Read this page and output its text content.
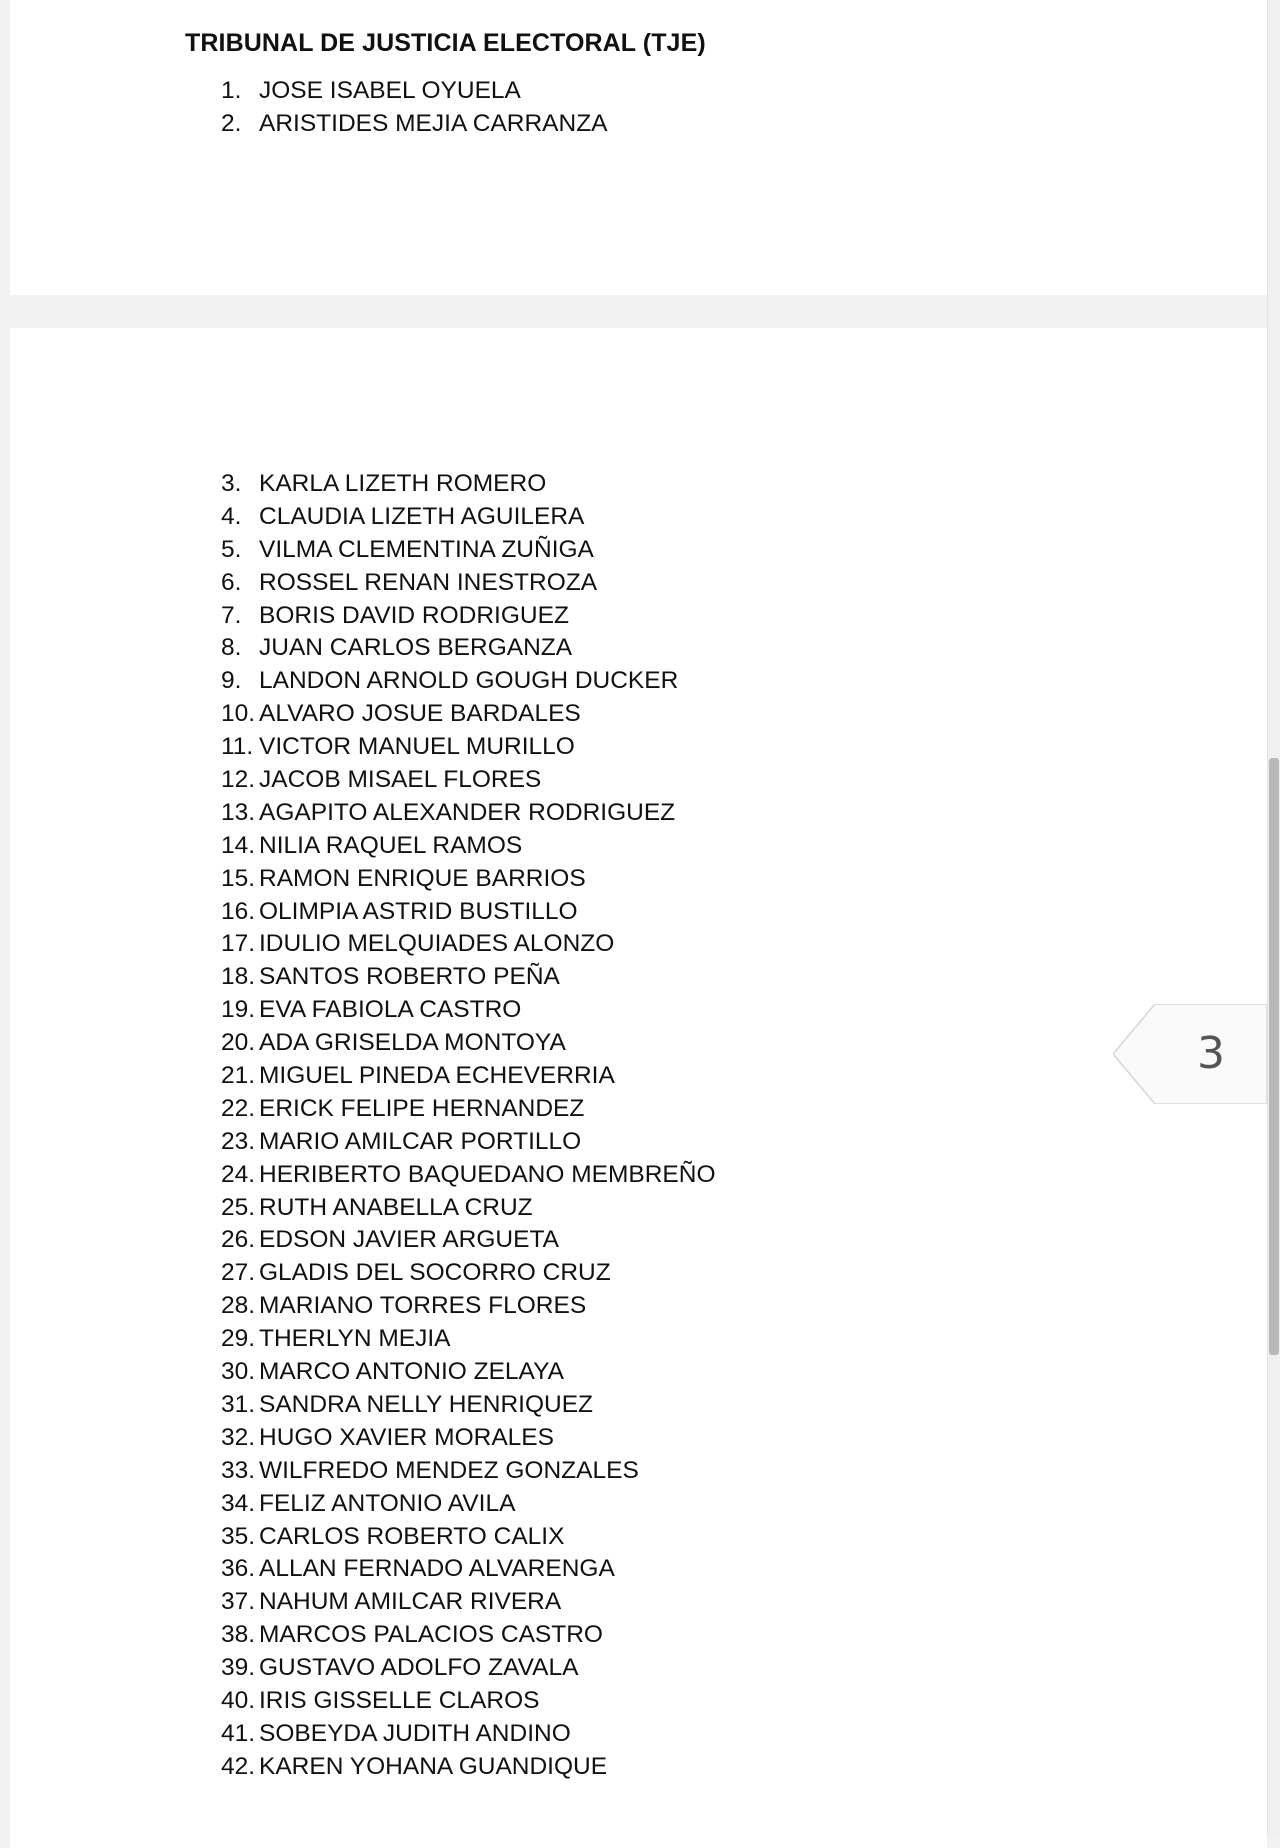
TRIBUNAL DE JUSTICIA ELECTORAL (TJE)
1. JOSE ISABEL OYUELA
2. ARISTIDES MEJIA CARRANZA
3. KARLA LIZETH ROMERO
4. CLAUDIA LIZETH AGUILERA
5. VILMA CLEMENTINA ZUÑIGA
6. ROSSEL RENAN INESTROZA
7. BORIS DAVID RODRIGUEZ
8. JUAN CARLOS BERGANZA
9. LANDON ARNOLD GOUGH DUCKER
10. ALVARO JOSUE BARDALES
11. VICTOR MANUEL MURILLO
12. JACOB MISAEL FLORES
13. AGAPITO ALEXANDER RODRIGUEZ
14. NILIA RAQUEL RAMOS
15. RAMON ENRIQUE BARRIOS
16. OLIMPIA ASTRID BUSTILLO
17. IDULIO MELQUIADES ALONZO
18. SANTOS ROBERTO PEÑA
19. EVA FABIOLA CASTRO
20. ADA GRISELDA MONTOYA
21. MIGUEL PINEDA ECHEVERRIA
22. ERICK FELIPE HERNANDEZ
23. MARIO AMILCAR PORTILLO
24. HERIBERTO BAQUEDANO MEMBREÑO
25. RUTH ANABELLA CRUZ
26. EDSON JAVIER ARGUETA
27. GLADIS DEL SOCORRO CRUZ
28. MARIANO TORRES FLORES
29. THERLYN MEJIA
30. MARCO ANTONIO ZELAYA
31. SANDRA NELLY HENRIQUEZ
32. HUGO XAVIER MORALES
33. WILFREDO MENDEZ GONZALES
34. FELIZ ANTONIO AVILA
35. CARLOS ROBERTO CALIX
36. ALLAN FERNADO ALVARENGA
37. NAHUM AMILCAR RIVERA
38. MARCOS PALACIOS CASTRO
39. GUSTAVO ADOLFO ZAVALA
40. IRIS GISSELLE CLAROS
41. SOBEYDA JUDITH ANDINO
42. KAREN YOHANA GUANDIQUE
3
